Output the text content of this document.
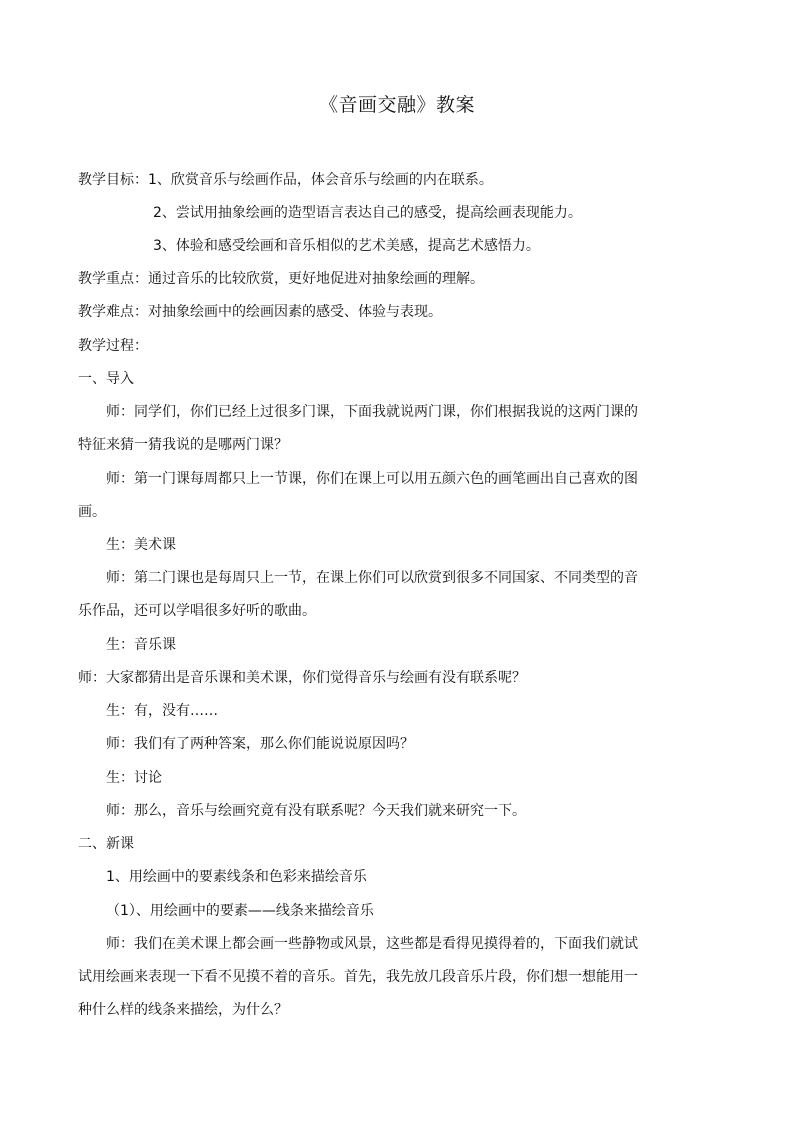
《音画交融》教案
教学目标：1、欣赏音乐与绘画作品，体会音乐与绘画的内在联系。
2、尝试用抽象绘画的造型语言表达自己的感受，提高绘画表现能力。
3、体验和感受绘画和音乐相似的艺术美感，提高艺术感悟力。
教学重点：通过音乐的比较欣赏，更好地促进对抽象绘画的理解。
教学难点：对抽象绘画中的绘画因素的感受、体验与表现。
教学过程：
一、导入
师：同学们，你们已经上过很多门课，下面我就说两门课，你们根据我说的这两门课的
特征来猜一猜我说的是哪两门课？
师：第一门课每周都只上一节课，你们在课上可以用五颜六色的画笔画出自己喜欢的图
画。
生：美术课
师：第二门课也是每周只上一节，在课上你们可以欣赏到很多不同国家、不同类型的音
乐作品，还可以学唱很多好听的歌曲。
生：音乐课
师：大家都猜出是音乐课和美术课，你们觉得音乐与绘画有没有联系呢？
生：有，没有……
师：我们有了两种答案，那么你们能说说原因吗？
生：讨论
师：那么，音乐与绘画究竟有没有联系呢？今天我们就来研究一下。
二、新课
1、用绘画中的要素线条和色彩来描绘音乐
（1）、用绘画中的要素——线条来描绘音乐
师：我们在美术课上都会画一些静物或风景，这些都是看得见摸得着的，下面我们就试
试用绘画来表现一下看不见摸不着的音乐。首先，我先放几段音乐片段，你们想一想能用一
种什么样的线条来描绘，为什么？
